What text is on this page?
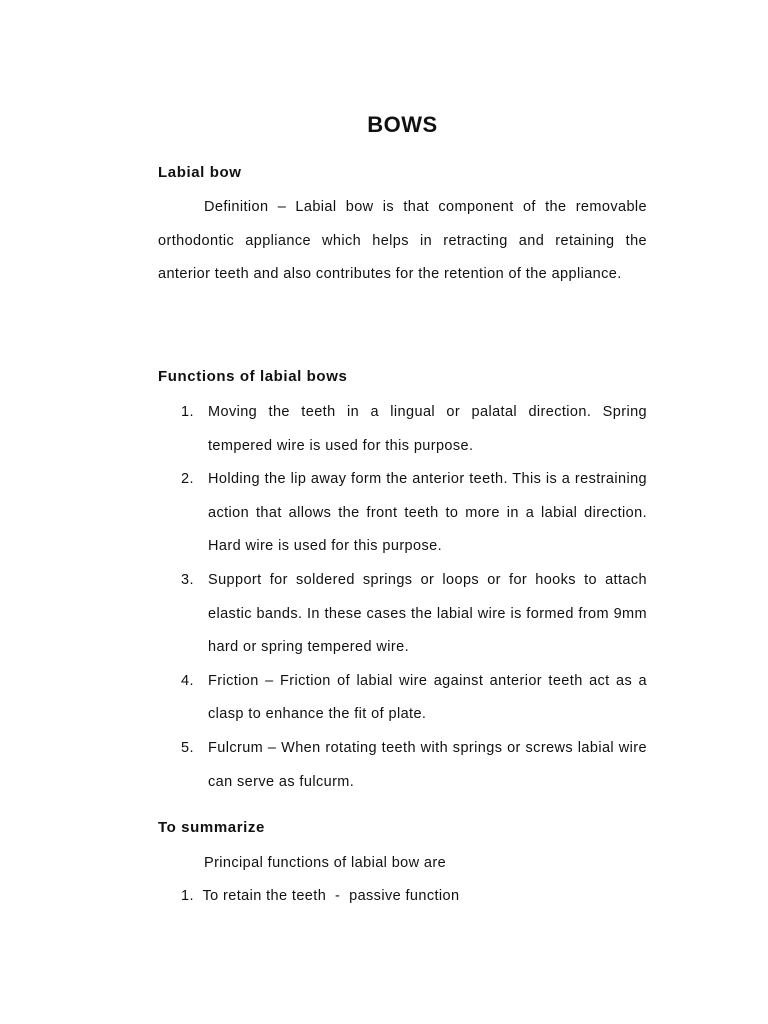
BOWS
Labial bow

Definition – Labial bow is that component of the removable orthodontic appliance which helps in retracting and retaining the anterior teeth and also contributes for the retention of the appliance.

Functions of labial bows
1. Moving the teeth in a lingual or palatal direction. Spring tempered wire is used for this purpose.
2. Holding the lip away form the anterior teeth. This is a restraining action that allows the front teeth to more in a labial direction. Hard wire is used for this purpose.
3. Support for soldered springs or loops or for hooks to attach elastic bands. In these cases the labial wire is formed from 9mm hard or spring tempered wire.
4. Friction – Friction of labial wire against anterior teeth act as a clasp to enhance the fit of plate.
5. Fulcrum – When rotating teeth with springs or screws labial wire can serve as fulcurm.
To summarize
Principal functions of labial bow are
1.  To retain the teeth  -  passive function
